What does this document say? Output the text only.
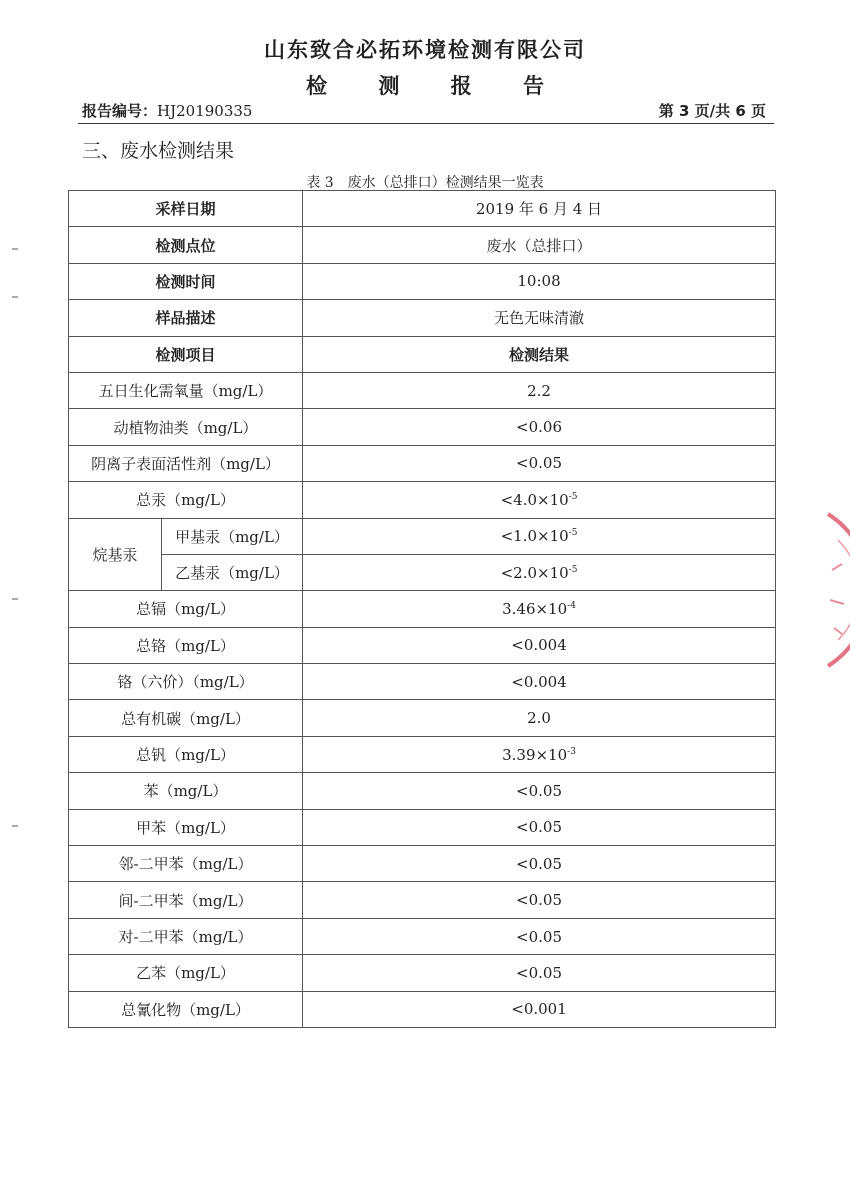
山东致合必拓环境检测有限公司
检 测 报 告
报告编号：HJ20190335	第 3 页/共 6 页
三、废水检测结果
表 3　废水（总排口）检测结果一览表
采样日期		2019 年 6 月 4 日
检测点位		废水（总排口）
检测时间		10:08
样品描述		无色无味清澈
检测项目		检测结果
五日生化需氧量（mg/L）		2.2
动植物油类（mg/L）		<0.06
阴离子表面活性剂（mg/L）		<0.05
总汞（mg/L）		$<4.0\times 10^{-5}$
烷基汞	甲基汞（mg/L）	$<1.0\times 10^{-5}$
	乙基汞（mg/L）	$<2.0\times 10^{-5}$
总镉（mg/L）		$3.46\times 10^{-4}$
总铬（mg/L）		<0.004
铬（六价）（mg/L）		<0.004
总有机碳（mg/L）		2.0
总钒（mg/L）		$3.39\times 10^{-3}$
苯（mg/L）		<0.05
甲苯（mg/L）		<0.05
邻-二甲苯（mg/L）		<0.05
间-二甲苯（mg/L）		<0.05
对-二甲苯（mg/L）		<0.05
乙苯（mg/L）		<0.05
总氰化物（mg/L）		<0.001
